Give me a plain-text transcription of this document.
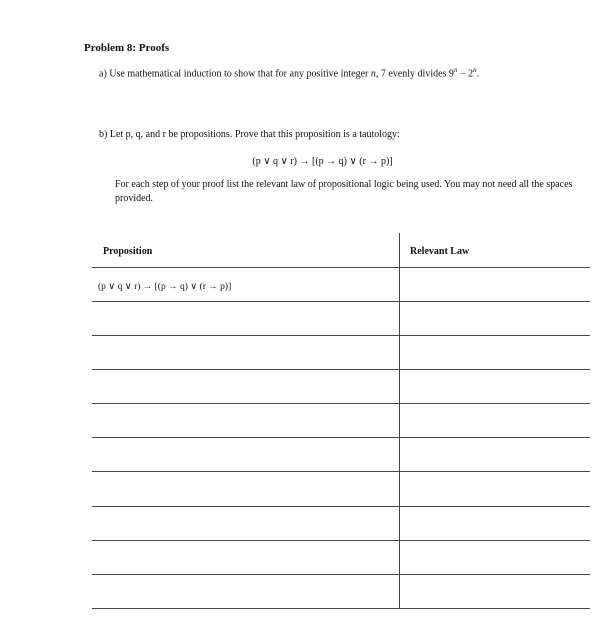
Problem 8: Proofs
a) Use mathematical induction to show that for any positive integer n, 7 evenly divides $9^n - 2^n$.
b) Let p, q, and r be propositions. Prove that this proposition is a tautology:
(p ∨ q ∨ r) → [(p → q) ∨ (r → p)]
For each step of your proof list the relevant law of propositional logic being used. You may not need all the spaces provided.
Proposition	Relevant Law
(p ∨ q ∨ r) → [(p → q) ∨ (r → p)]
